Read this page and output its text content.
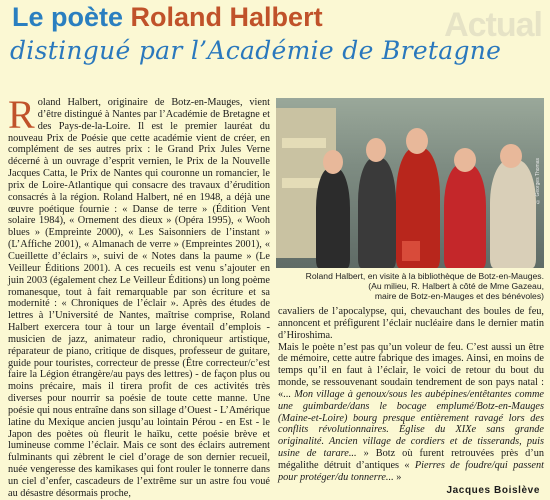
Actual
Le poète Roland Halbert
distingué par l’Académie de Bretagne
R oland Halbert, originaire de Botz-en-Mauges, vient d’être distingué à Nantes par l’Académie de Bretagne et des Pays-de-la-Loire. Il est le premier lauréat du nouveau Prix de Poésie que cette académie vient de créer, en complément de ses autres prix : le Grand Prix Jules Verne décerné à un ouvrage d’esprit vernien, le Prix de la Nouvelle Jacques Catta, le Prix de Nantes qui couronne un romancier, le prix de Loire-Atlantique qui consacre des travaux d’érudition consacrés à la région. Roland Halbert, né en 1948, a déjà une œuvre poétique fournie : « Danse de terre » (Édition Vent solaire 1984), « Ornement des dieux » (Opéra 1995), « Wooh blues » (Empreinte 2000), « Les Saisonniers de l’instant » (L’Affiche 2001), « Almanach de verre » (Empreintes 2001), « Cueillette d’éclairs », suivi de « Notes dans la paume » (Le Veilleur Éditions 2001). A ces recueils est venu s’ajouter en juin 2003 (également chez Le Veilleur Éditions) un long poème romanesque, tout à fait remarquable par son écriture et sa modernité : « Chroniques de l’éclair ». Après des études de lettres à l’Université de Nantes, maîtrise comprise, Roland Halbert exercera tour à tour un large éventail d’emplois - musicien de jazz, animateur radio, chroniqueur artistique, réparateur de piano, critique de disques, professeur de guitare, guide pour touristes, correcteur de presse (Être correcteur/c’est faire la Légion étrangère/au pays des lettres) - de façon plus ou moins précaire, mais il tirera profit de ces activités très diverses pour nourrir sa poésie de toute cette manne. Une poésie qui nous entraîne dans son sillage d’Ouest - L’Amérique latine du Mexique ancien jusqu’au lointain Pérou - en Est - le Japon des poètes où fleurit le haïku, cette poésie brève et lumineuse comme l’éclair. Mais ce sont des éclairs autrement fulminants qui zèbrent le ciel d’orage de son dernier recueil, nuée vengeresse des kamikases qui font rouler le tonnerre dans un ciel d’enfer, cascadeurs de l’extrême sur un astre fou voué au désastre désormais proche,

© Georges Thomas
Roland Halbert, en visite à la bibliothèque de Botz-en-Mauges.
(Au milieu, R. Halbert à côté de Mme Gazeau,
maire de Botz-en-Mauges et des bénévoles)

cavaliers de l’apocalypse, qui, chevauchant des boules de feu, annoncent et préfigurent l’éclair nucléaire dans le dernier matin d’Hiroshima.

Mais le poète n’est pas qu’un voleur de feu. C’est aussi un être de mémoire, cette autre fabrique des images. Ainsi, en moins de temps qu’il en faut à l’éclair, le voici de retour du bout du monde, se ressouvenant soudain tendrement de son pays natal : «... Mon village à genoux/sous les aubépines/entêtantes comme une guimbarde/dans le bocage emplumé/Botz-en-Mauges (Maine-et-Loire) bourg presque entièrement ravagé lors des conflits révolutionnaires. Église du XIXe sans grande originalité. Ancien village de cordiers et de tisserands, puis usine de tarare... » Botz où furent retrouvées près d’un mégalithe détruit d’antiques « Pierres de foudre/qui passent pour protéger/du tonnerre... »

Jacques Boislève
